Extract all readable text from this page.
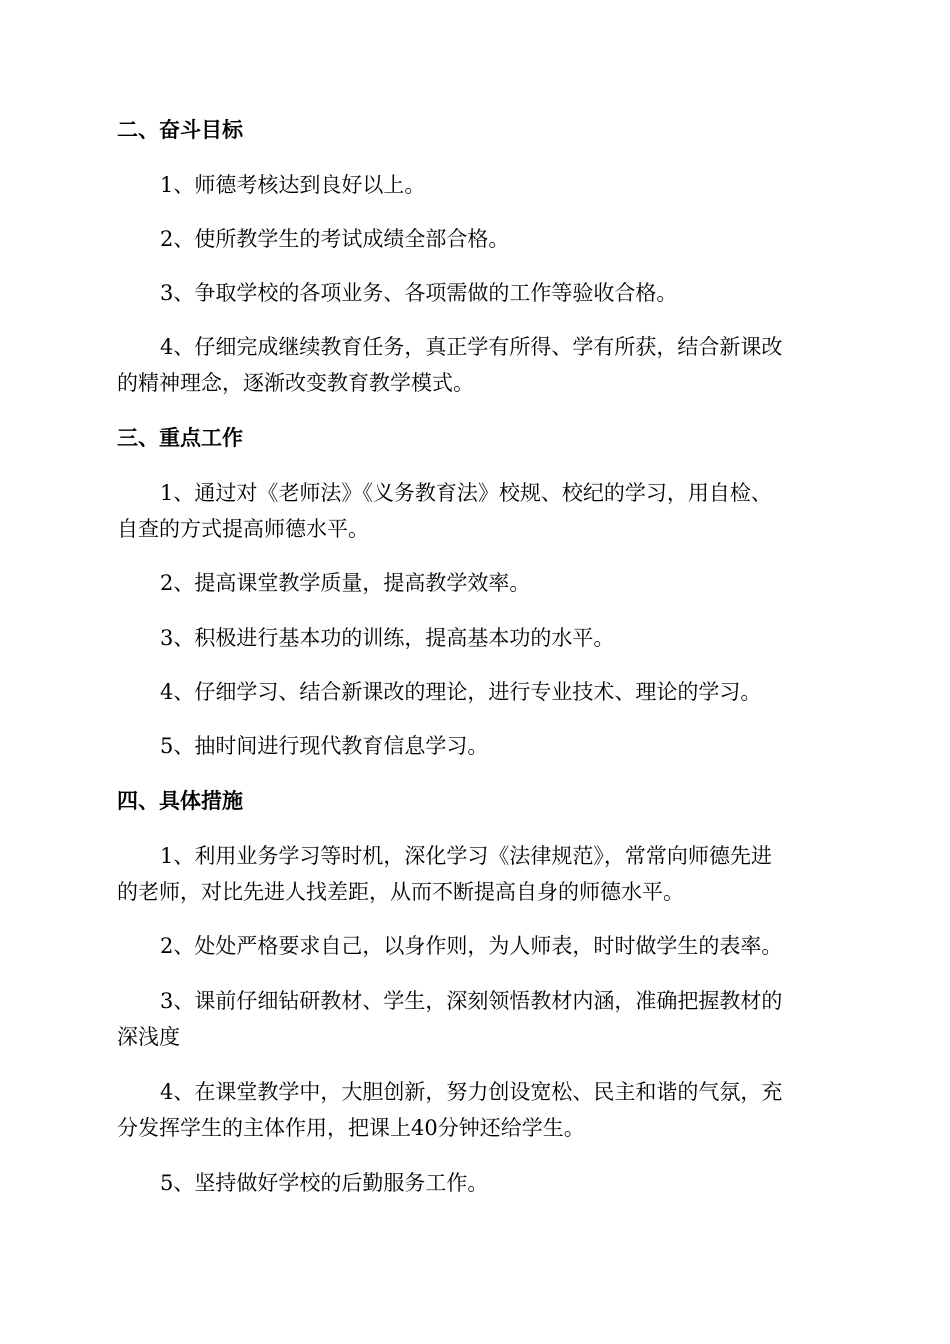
二、奋斗目标
1、师德考核达到良好以上。
2、使所教学生的考试成绩全部合格。
3、争取学校的各项业务、各项需做的工作等验收合格。
4、仔细完成继续教育任务，真正学有所得、学有所获，结合新课改
的精神理念，逐渐改变教育教学模式。
三、重点工作
1、通过对《老师法》《义务教育法》校规、校纪的学习，用自检、
自查的方式提高师德水平。
2、提高课堂教学质量，提高教学效率。
3、积极进行基本功的训练，提高基本功的水平。
4、仔细学习、结合新课改的理论，进行专业技术、理论的学习。
5、抽时间进行现代教育信息学习。
四、具体措施
1、利用业务学习等时机，深化学习《法律规范》，常常向师德先进
的老师，对比先进人找差距，从而不断提高自身的师德水平。
2、处处严格要求自己，以身作则，为人师表，时时做学生的表率。
3、课前仔细钻研教材、学生，深刻领悟教材内涵，准确把握教材的
深浅度
4、在课堂教学中，大胆创新，努力创设宽松、民主和谐的气氛，充
分发挥学生的主体作用，把课上40分钟还给学生。
5、坚持做好学校的后勤服务工作。
